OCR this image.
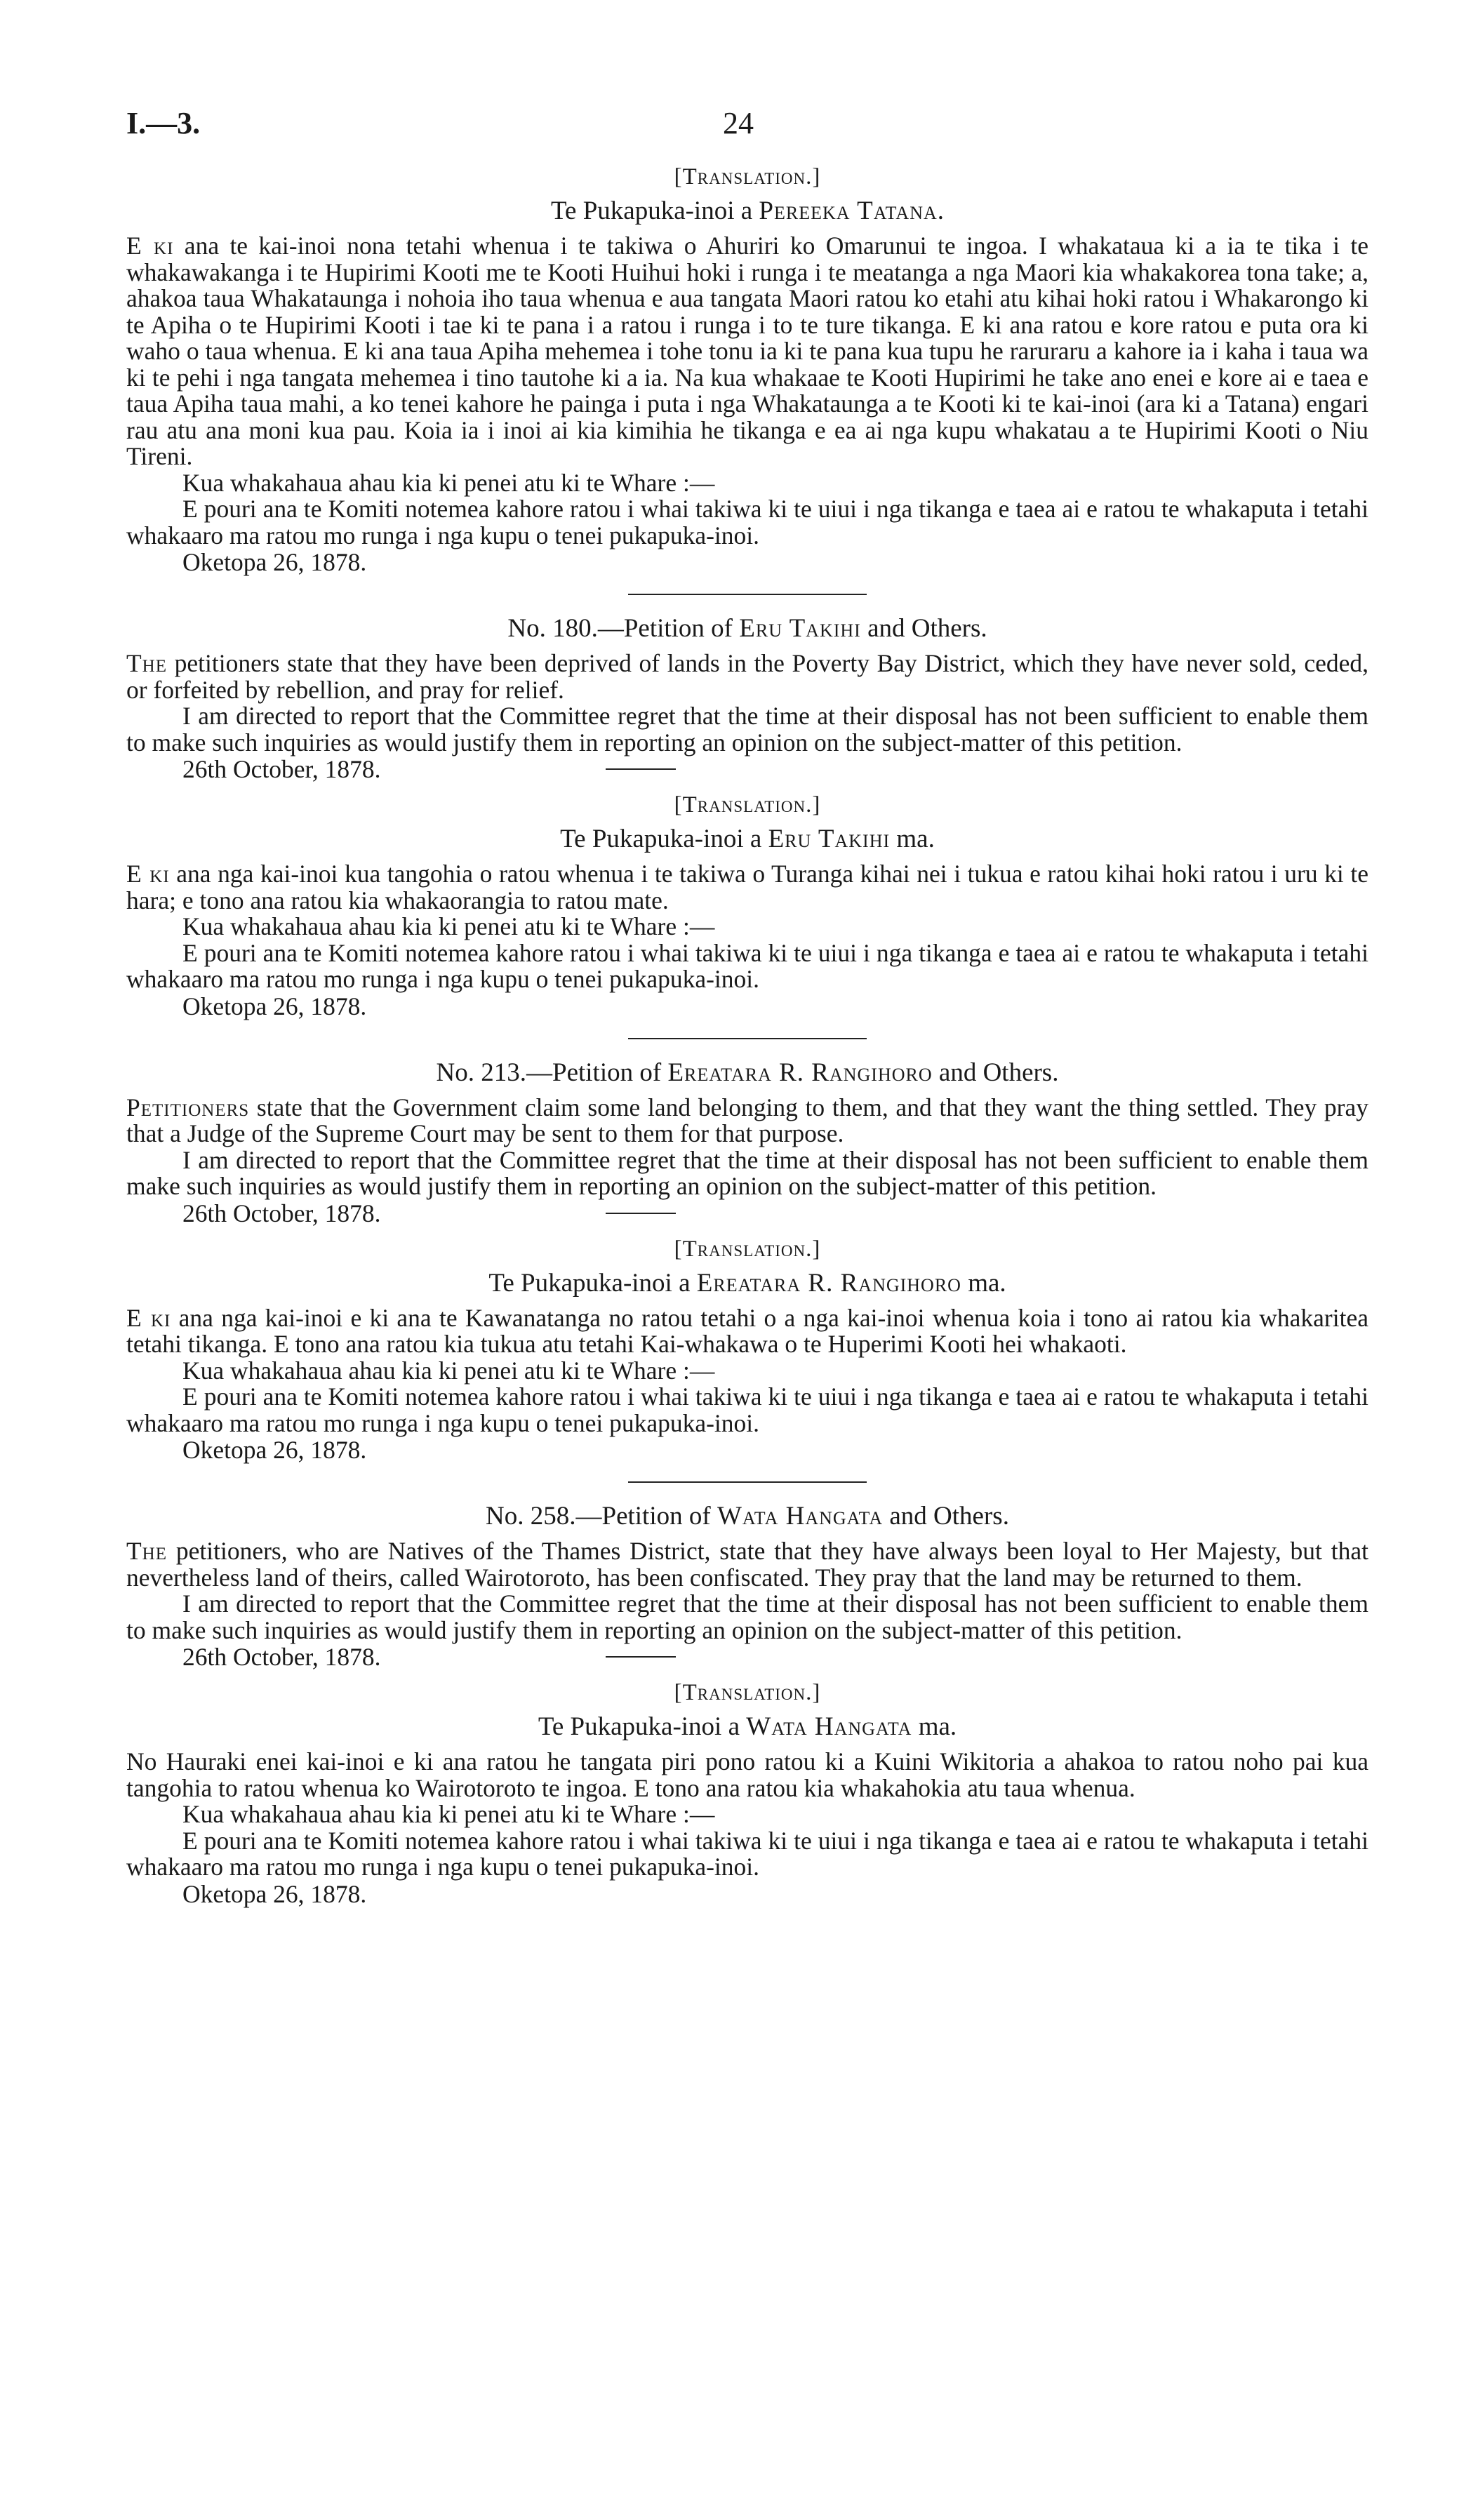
I.—3.	24
[Translation.]
Te Pukapuka-inoi a Pereeka Tatana.

E ki ana te kai-inoi nona tetahi whenua i te takiwa o Ahuriri ko Omarunui te ingoa. I whakataua ki a ia te tika i te whakawakanga i te Hupirimi Kooti me te Kooti Huihui hoki i runga i te meatanga a nga Maori kia whakakorea tona take; a, ahakoa taua Whakataunga i nohoia iho taua whenua e aua tangata Maori ratou ko etahi atu kihai hoki ratou i Whakarongo ki te Apiha o te Hupirimi Kooti i tae ki te pana i a ratou i runga i to te ture tikanga. E ki ana ratou e kore ratou e puta ora ki waho o taua whenua. E ki ana taua Apiha mehemea i tohe tonu ia ki te pana kua tupu he raruraru a kahore ia i kaha i taua wa ki te pehi i nga tangata mehemea i tino tautohe ki a ia. Na kua whakaae te Kooti Hupirimi he take ano enei e kore ai e taea e taua Apiha taua mahi, a ko tenei kahore he painga i puta i nga Whakataunga a te Kooti ki te kai-inoi (ara ki a Tatana) engari rau atu ana moni kua pau. Koia ia i inoi ai kia kimihia he tikanga e ea ai nga kupu whakatau a te Hupirimi Kooti o Niu Tireni.

Kua whakahaua ahau kia ki penei atu ki te Whare :—

E pouri ana te Komiti notemea kahore ratou i whai takiwa ki te uiui i nga tikanga e taea ai e ratou te whakaputa i tetahi whakaaro ma ratou mo runga i nga kupu o tenei pukapuka-inoi.

Oketopa 26, 1878.
No. 180.—Petition of Eru Takihi and Others.

The petitioners state that they have been deprived of lands in the Poverty Bay District, which they have never sold, ceded, or forfeited by rebellion, and pray for relief.

I am directed to report that the Committee regret that the time at their disposal has not been sufficient to enable them to make such inquiries as would justify them in reporting an opinion on the subject-matter of this petition.

26th October, 1878.
[Translation.]
Te Pukapuka-inoi a Eru Takihi ma.

E ki ana nga kai-inoi kua tangohia o ratou whenua i te takiwa o Turanga kihai nei i tukua e ratou kihai hoki ratou i uru ki te hara; e tono ana ratou kia whakaorangia to ratou mate.

Kua whakahaua ahau kia ki penei atu ki te Whare :—

E pouri ana te Komiti notemea kahore ratou i whai takiwa ki te uiui i nga tikanga e taea ai e ratou te whakaputa i tetahi whakaaro ma ratou mo runga i nga kupu o tenei pukapuka-inoi.

Oketopa 26, 1878.
No. 213.—Petition of Ereatara R. Rangihoro and Others.

Petitioners state that the Government claim some land belonging to them, and that they want the thing settled. They pray that a Judge of the Supreme Court may be sent to them for that purpose.

I am directed to report that the Committee regret that the time at their disposal has not been sufficient to enable them make such inquiries as would justify them in reporting an opinion on the subject-matter of this petition.

26th October, 1878.
[Translation.]
Te Pukapuka-inoi a Ereatara R. Rangihoro ma.

E ki ana nga kai-inoi e ki ana te Kawanatanga no ratou tetahi o a nga kai-inoi whenua koia i tono ai ratou kia whakaritea tetahi tikanga. E tono ana ratou kia tukua atu tetahi Kai-whakawa o te Huperimi Kooti hei whakaoti.

Kua whakahaua ahau kia ki penei atu ki te Whare :—

E pouri ana te Komiti notemea kahore ratou i whai takiwa ki te uiui i nga tikanga e taea ai e ratou te whakaputa i tetahi whakaaro ma ratou mo runga i nga kupu o tenei pukapuka-inoi.

Oketopa 26, 1878.
No. 258.—Petition of Wata Hangata and Others.

The petitioners, who are Natives of the Thames District, state that they have always been loyal to Her Majesty, but that nevertheless land of theirs, called Wairotoroto, has been confiscated. They pray that the land may be returned to them.

I am directed to report that the Committee regret that the time at their disposal has not been sufficient to enable them to make such inquiries as would justify them in reporting an opinion on the subject-matter of this petition.

26th October, 1878.
[Translation.]
Te Pukapuka-inoi a Wata Hangata ma.

No Hauraki enei kai-inoi e ki ana ratou he tangata piri pono ratou ki a Kuini Wikitoria a ahakoa to ratou noho pai kua tangohia to ratou whenua ko Wairotoroto te ingoa. E tono ana ratou kia whakahokia atu taua whenua.

Kua whakahaua ahau kia ki penei atu ki te Whare :—

E pouri ana te Komiti notemea kahore ratou i whai takiwa ki te uiui i nga tikanga e taea ai e ratou te whakaputa i tetahi whakaaro ma ratou mo runga i nga kupu o tenei pukapuka-inoi.

Oketopa 26, 1878.
